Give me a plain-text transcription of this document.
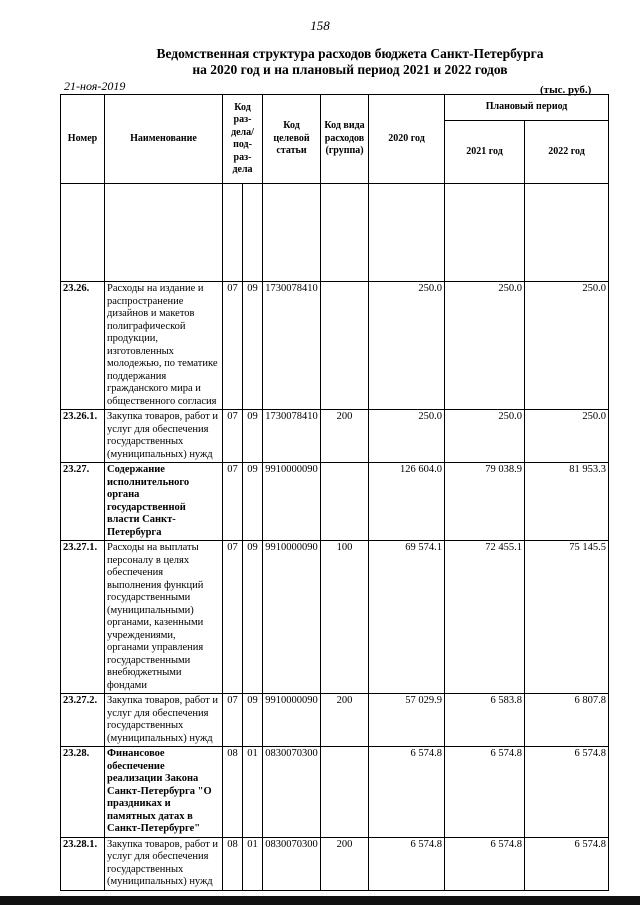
158
Ведомственная структура расходов бюджета Санкт-Петербурга
на 2020 год и на плановый период 2021 и 2022 годов
21-ноя-2019	(тыс. руб.)
Номер	Наименование	Код раз-дела/ под-раз-дела		Код целевой статьи	Код вида расходов (группа)	2020 год	Плановый период	
							2021 год	2022 год

23.26.	Расходы на издание и распространение дизайнов и макетов полиграфической продукции, изготовленных молодежью, по тематике поддержания гражданского мира и общественного согласия	07	09	1730078410		250.0	250.0	250.0
23.26.1.	Закупка товаров, работ и услуг для обеспечения государственных (муниципальных) нужд	07	09	1730078410	200	250.0	250.0	250.0
23.27.	Содержание исполнительного органа государственной власти Санкт-Петербурга	07	09	9910000090		126 604.0	79 038.9	81 953.3
23.27.1.	Расходы на выплаты персоналу в целях обеспечения выполнения функций государственными (муниципальными) органами, казенными учреждениями, органами управления государственными внебюджетными фондами	07	09	9910000090	100	69 574.1	72 455.1	75 145.5
23.27.2.	Закупка товаров, работ и услуг для обеспечения государственных (муниципальных) нужд	07	09	9910000090	200	57 029.9	6 583.8	6 807.8
23.28.	Финансовое обеспечение реализации Закона Санкт-Петербурга "О праздниках и памятных датах в Санкт-Петербурге"	08	01	0830070300		6 574.8	6 574.8	6 574.8
23.28.1.	Закупка товаров, работ и услуг для обеспечения государственных (муниципальных) нужд	08	01	0830070300	200	6 574.8	6 574.8	6 574.8
